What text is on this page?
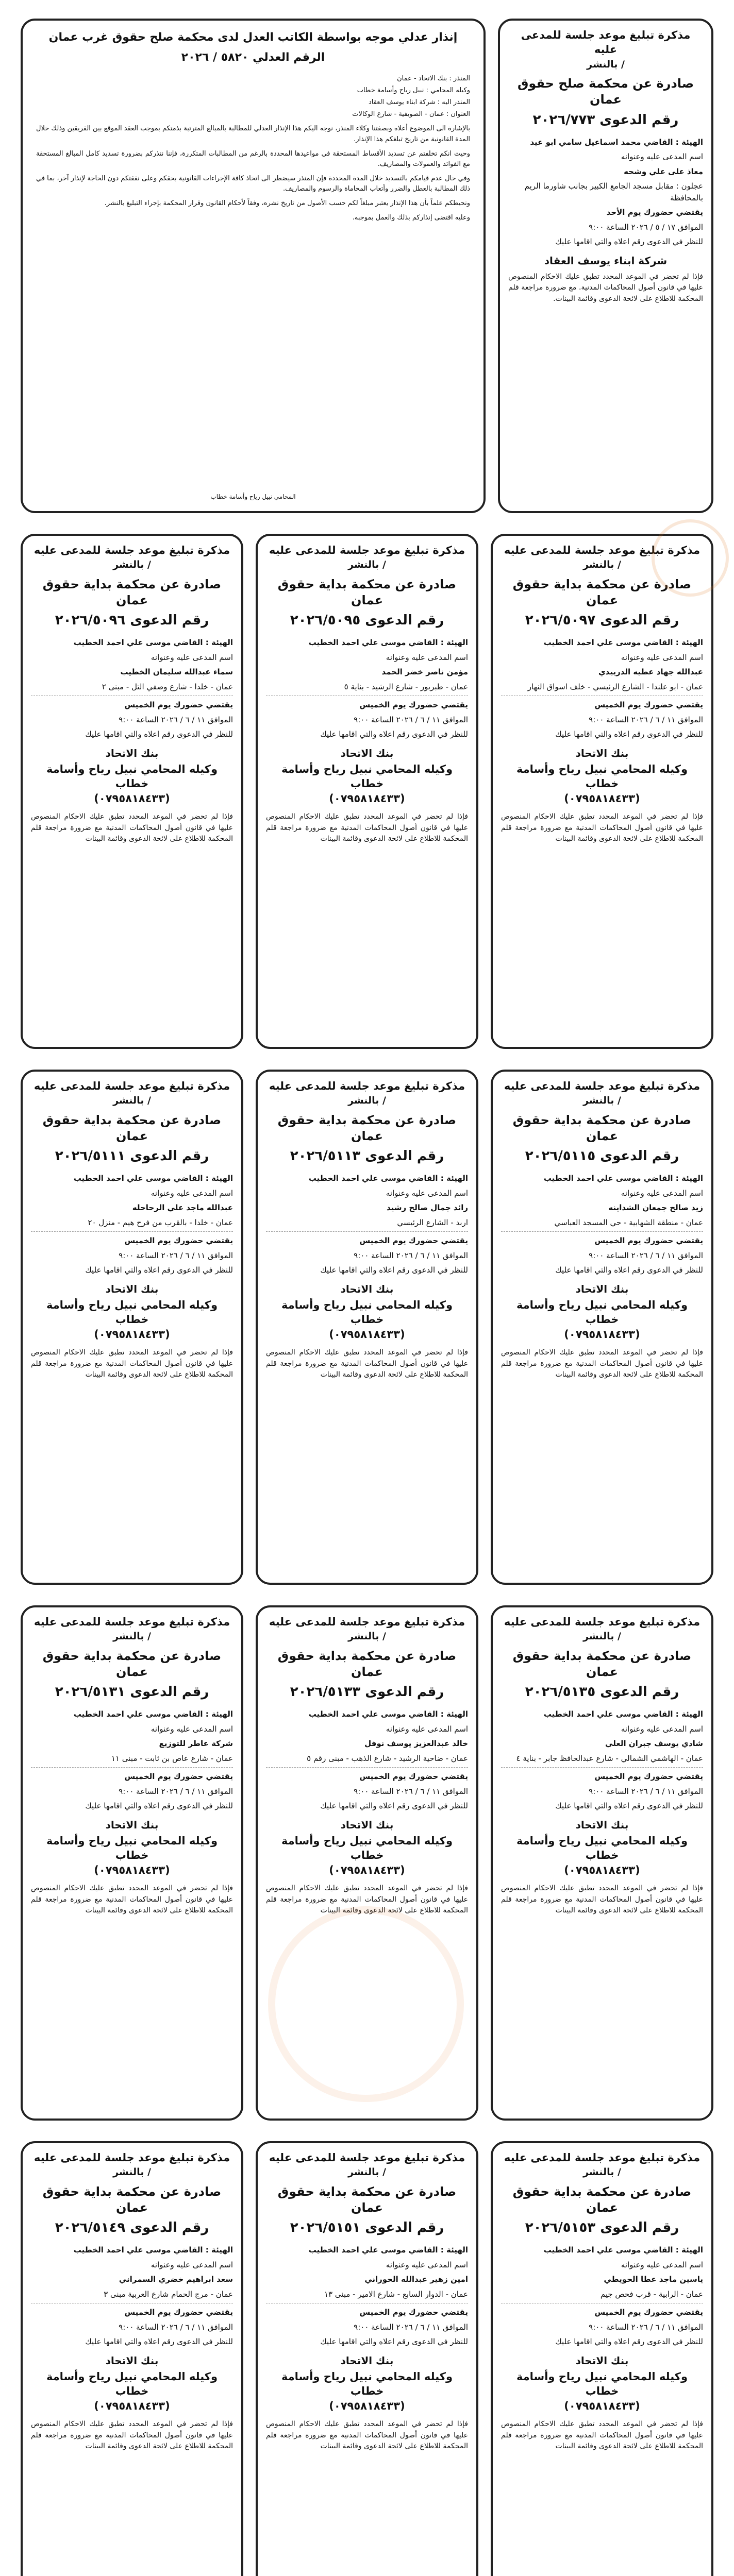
مذكرة تبليغ موعد جلسة للمدعى عليه
/ بالنشر
صادرة عن محكمة صلح حقوق عمان
رقم الدعوى ٢٠٢٦/٧٧٣
الهيئة : القاضي محمد اسماعيل سامي ابو عيد
اسم المدعى عليه وعنوانه
معاذ على علي وشحه
عجلون : مقابل مسجد الجامع الكبير بجانب شاورما الريم بالمحافظة
يقتضي حضورك يوم الأحد
الموافق ١٧ / ٥ / ٢٠٢٦ الساعة ٩:٠٠
للنظر في الدعوى رقم اعلاه والتي اقامها عليك
شركة ابناء يوسف العقاد
فإذا لم تحضر في الموعد المحدد تطبق عليك الاحكام المنصوص عليها في قانون أصول المحاكمات المدنية. مع ضرورة مراجعة قلم المحكمة للاطلاع على لائحة الدعوى وقائمة البينات.
إنذار عدلي موجه بواسطة الكاتب العدل لدى محكمة صلح حقوق غرب عمان
الرقم العدلي ٥٨٢٠ / ٢٠٢٦

المنذر : بنك الاتحاد - عمان

وكيله المحامي : نبيل رياح وأسامة خطاب

المنذر اليه : شركة ابناء يوسف العقاد

العنوان : عمان - الصويفية - شارع الوكالات

بالإشارة الى الموضوع أعلاه وبصفتنا وكلاء المنذر، نوجه اليكم هذا الإنذار العدلي للمطالبة بالمبالغ المترتبة بذمتكم بموجب العقد الموقع بين الفريقين وذلك خلال المدة القانونية من تاريخ تبلغكم هذا الإنذار.

وحيث انكم تخلفتم عن تسديد الأقساط المستحقة في مواعيدها المحددة بالرغم من المطالبات المتكررة، فإننا ننذركم بضرورة تسديد كامل المبالغ المستحقة مع الفوائد والعمولات والمصاريف.

وفي حال عدم قيامكم بالتسديد خلال المدة المحددة فإن المنذر سيضطر الى اتخاذ كافة الإجراءات القانونية بحقكم وعلى نفقتكم دون الحاجة لإنذار آخر، بما في ذلك المطالبة بالعطل والضرر وأتعاب المحاماة والرسوم والمصاريف.

ونحيطكم علماً بأن هذا الإنذار يعتبر مبلغاً لكم حسب الأصول من تاريخ نشره، وفقاً لأحكام القانون وقرار المحكمة بإجراء التبليغ بالنشر.

وعليه اقتضى إنذاركم بذلك والعمل بموجبه.

المحامي نبيل رياح وأسامة خطاب
مذكرة تبليغ موعد جلسة للمدعى عليه
/ بالنشر
صادرة عن محكمة بداية حقوق عمان
رقم الدعوى ٢٠٢٦/٥٠٩٧
الهيئة : القاضي موسى علي احمد الخطيب
اسم المدعى عليه وعنوانه
عبدالله جهاد عطيه الدرييدي
عمان - ابو علندا - الشارع الرئيسي - خلف اسواق النهار
يقتضي حضورك يوم الخميس
الموافق ١١ / ٦ / ٢٠٢٦ الساعة ٩:٠٠
للنظر في الدعوى رقم اعلاه والتي اقامها عليك
بنك الاتحاد
وكيله المحامي نبيل رياح وأسامة خطاب
(٠٧٩٥٨١٨٤٣٣)
فإذا لم تحضر في الموعد المحدد تطبق عليك الاحكام المنصوص عليها في قانون أصول المحاكمات المدنية مع ضرورة مراجعة قلم المحكمة للاطلاع على لائحة الدعوى وقائمة البينات
مذكرة تبليغ موعد جلسة للمدعى عليه
/ بالنشر
صادرة عن محكمة بداية حقوق عمان
رقم الدعوى ٢٠٢٦/٥٠٩٥
الهيئة : القاضي موسى علي احمد الخطيب
اسم المدعى عليه وعنوانه
مؤمن ناصر خضر الحمد
عمان - طبربور - شارع الرشيد - بناية ٥
يقتضي حضورك يوم الخميس
الموافق ١١ / ٦ / ٢٠٢٦ الساعة ٩:٠٠
للنظر في الدعوى رقم اعلاه والتي اقامها عليك
بنك الاتحاد
وكيله المحامي نبيل رياح وأسامة خطاب
(٠٧٩٥٨١٨٤٣٣)
فإذا لم تحضر في الموعد المحدد تطبق عليك الاحكام المنصوص عليها في قانون أصول المحاكمات المدنية مع ضرورة مراجعة قلم المحكمة للاطلاع على لائحة الدعوى وقائمة البينات
مذكرة تبليغ موعد جلسة للمدعى عليه
/ بالنشر
صادرة عن محكمة بداية حقوق عمان
رقم الدعوى ٢٠٢٦/٥٠٩٦
الهيئة : القاضي موسى علي احمد الخطيب
اسم المدعى عليه وعنوانه
سماء عبدالله سليمان الخطيب
عمان - خلدا - شارع وصفي التل - مبنى ٢
يقتضي حضورك يوم الخميس
الموافق ١١ / ٦ / ٢٠٢٦ الساعة ٩:٠٠
للنظر في الدعوى رقم اعلاه والتي اقامها عليك
بنك الاتحاد
وكيله المحامي نبيل رياح وأسامة خطاب
(٠٧٩٥٨١٨٤٣٣)
فإذا لم تحضر في الموعد المحدد تطبق عليك الاحكام المنصوص عليها في قانون أصول المحاكمات المدنية مع ضرورة مراجعة قلم المحكمة للاطلاع على لائحة الدعوى وقائمة البينات
مذكرة تبليغ موعد جلسة للمدعى عليه
/ بالنشر
صادرة عن محكمة بداية حقوق عمان
رقم الدعوى ٢٠٢٦/٥١١٥
الهيئة : القاضي موسى علي احمد الخطيب
اسم المدعى عليه وعنوانه
زيد صالح جمعان الشداينه
عمان - منطقة الشهابية - حي المسجد العباسي
يقتضي حضورك يوم الخميس
الموافق ١١ / ٦ / ٢٠٢٦ الساعة ٩:٠٠
للنظر في الدعوى رقم اعلاه والتي اقامها عليك
بنك الاتحاد
وكيله المحامي نبيل رياح وأسامة خطاب
(٠٧٩٥٨١٨٤٣٣)
فإذا لم تحضر في الموعد المحدد تطبق عليك الاحكام المنصوص عليها في قانون أصول المحاكمات المدنية مع ضرورة مراجعة قلم المحكمة للاطلاع على لائحة الدعوى وقائمة البينات
مذكرة تبليغ موعد جلسة للمدعى عليه
/ بالنشر
صادرة عن محكمة بداية حقوق عمان
رقم الدعوى ٢٠٢٦/٥١١٣
الهيئة : القاضي موسى علي احمد الخطيب
اسم المدعى عليه وعنوانه
رائد جمال صالح رشيد
اربد - الشارع الرئيسي
يقتضي حضورك يوم الخميس
الموافق ١١ / ٦ / ٢٠٢٦ الساعة ٩:٠٠
للنظر في الدعوى رقم اعلاه والتي اقامها عليك
بنك الاتحاد
وكيله المحامي نبيل رياح وأسامة خطاب
(٠٧٩٥٨١٨٤٣٣)
فإذا لم تحضر في الموعد المحدد تطبق عليك الاحكام المنصوص عليها في قانون أصول المحاكمات المدنية مع ضرورة مراجعة قلم المحكمة للاطلاع على لائحة الدعوى وقائمة البينات
مذكرة تبليغ موعد جلسة للمدعى عليه
/ بالنشر
صادرة عن محكمة بداية حقوق عمان
رقم الدعوى ٢٠٢٦/٥١١١
الهيئة : القاضي موسى علي احمد الخطيب
اسم المدعى عليه وعنوانه
عبدالله ماجد علي الرحاحله
عمان - خلدا - بالقرب من فرح هيم - منزل ٢٠
يقتضي حضورك يوم الخميس
الموافق ١١ / ٦ / ٢٠٢٦ الساعة ٩:٠٠
للنظر في الدعوى رقم اعلاه والتي اقامها عليك
بنك الاتحاد
وكيله المحامي نبيل رياح وأسامة خطاب
(٠٧٩٥٨١٨٤٣٣)
فإذا لم تحضر في الموعد المحدد تطبق عليك الاحكام المنصوص عليها في قانون أصول المحاكمات المدنية مع ضرورة مراجعة قلم المحكمة للاطلاع على لائحة الدعوى وقائمة البينات
مذكرة تبليغ موعد جلسة للمدعى عليه
/ بالنشر
صادرة عن محكمة بداية حقوق عمان
رقم الدعوى ٢٠٢٦/٥١٣٥
الهيئة : القاضي موسى علي احمد الخطيب
اسم المدعى عليه وعنوانه
شادي يوسف جبران العلي
عمان - الهاشمي الشمالي - شارع عبدالحافظ جابر - بناية ٤
يقتضي حضورك يوم الخميس
الموافق ١١ / ٦ / ٢٠٢٦ الساعة ٩:٠٠
للنظر في الدعوى رقم اعلاه والتي اقامها عليك
بنك الاتحاد
وكيله المحامي نبيل رياح وأسامة خطاب
(٠٧٩٥٨١٨٤٣٣)
فإذا لم تحضر في الموعد المحدد تطبق عليك الاحكام المنصوص عليها في قانون أصول المحاكمات المدنية مع ضرورة مراجعة قلم المحكمة للاطلاع على لائحة الدعوى وقائمة البينات
مذكرة تبليغ موعد جلسة للمدعى عليه
/ بالنشر
صادرة عن محكمة بداية حقوق عمان
رقم الدعوى ٢٠٢٦/٥١٣٣
الهيئة : القاضي موسى علي احمد الخطيب
اسم المدعى عليه وعنوانه
خالد عبدالعزيز يوسف نوفل
عمان - ضاحية الرشيد - شارع الذهب - مبنى رقم ٥
يقتضي حضورك يوم الخميس
الموافق ١١ / ٦ / ٢٠٢٦ الساعة ٩:٠٠
للنظر في الدعوى رقم اعلاه والتي اقامها عليك
بنك الاتحاد
وكيله المحامي نبيل رياح وأسامة خطاب
(٠٧٩٥٨١٨٤٣٣)
فإذا لم تحضر في الموعد المحدد تطبق عليك الاحكام المنصوص عليها في قانون أصول المحاكمات المدنية مع ضرورة مراجعة قلم المحكمة للاطلاع على لائحة الدعوى وقائمة البينات
مذكرة تبليغ موعد جلسة للمدعى عليه
/ بالنشر
صادرة عن محكمة بداية حقوق عمان
رقم الدعوى ٢٠٢٦/٥١٣١
الهيئة : القاضي موسى علي احمد الخطيب
اسم المدعى عليه وعنوانه
شركة عاطر للتوزيع
عمان - شارع عاص بن ثابت - مبنى ١١
يقتضي حضورك يوم الخميس
الموافق ١١ / ٦ / ٢٠٢٦ الساعة ٩:٠٠
للنظر في الدعوى رقم اعلاه والتي اقامها عليك
بنك الاتحاد
وكيله المحامي نبيل رياح وأسامة خطاب
(٠٧٩٥٨١٨٤٣٣)
فإذا لم تحضر في الموعد المحدد تطبق عليك الاحكام المنصوص عليها في قانون أصول المحاكمات المدنية مع ضرورة مراجعة قلم المحكمة للاطلاع على لائحة الدعوى وقائمة البينات
مذكرة تبليغ موعد جلسة للمدعى عليه
/ بالنشر
صادرة عن محكمة بداية حقوق عمان
رقم الدعوى ٢٠٢٦/٥١٥٣
الهيئة : القاضي موسى علي احمد الخطيب
اسم المدعى عليه وعنوانه
ياسين ماجد عطا الحويطي
عمان - الرابية - قرب فحص جيم
يقتضي حضورك يوم الخميس
الموافق ١١ / ٦ / ٢٠٢٦ الساعة ٩:٠٠
للنظر في الدعوى رقم اعلاه والتي اقامها عليك
بنك الاتحاد
وكيله المحامي نبيل رياح وأسامة خطاب
(٠٧٩٥٨١٨٤٣٣)
فإذا لم تحضر في الموعد المحدد تطبق عليك الاحكام المنصوص عليها في قانون أصول المحاكمات المدنية مع ضرورة مراجعة قلم المحكمة للاطلاع على لائحة الدعوى وقائمة البينات
مذكرة تبليغ موعد جلسة للمدعى عليه
/ بالنشر
صادرة عن محكمة بداية حقوق عمان
رقم الدعوى ٢٠٢٦/٥١٥١
الهيئة : القاضي موسى علي احمد الخطيب
اسم المدعى عليه وعنوانه
امين زهير عبدالله الحوراني
عمان - الدوار السابع - شارع الامير - مبنى ١٣
يقتضي حضورك يوم الخميس
الموافق ١١ / ٦ / ٢٠٢٦ الساعة ٩:٠٠
للنظر في الدعوى رقم اعلاه والتي اقامها عليك
بنك الاتحاد
وكيله المحامي نبيل رياح وأسامة خطاب
(٠٧٩٥٨١٨٤٣٣)
فإذا لم تحضر في الموعد المحدد تطبق عليك الاحكام المنصوص عليها في قانون أصول المحاكمات المدنية مع ضرورة مراجعة قلم المحكمة للاطلاع على لائحة الدعوى وقائمة البينات
مذكرة تبليغ موعد جلسة للمدعى عليه
/ بالنشر
صادرة عن محكمة بداية حقوق عمان
رقم الدعوى ٢٠٢٦/٥١٤٩
الهيئة : القاضي موسى علي احمد الخطيب
اسم المدعى عليه وعنوانه
سعد ابراهيم خضري السمراني
عمان - مرج الحمام شارع العربية مبنى ٣
يقتضي حضورك يوم الخميس
الموافق ١١ / ٦ / ٢٠٢٦ الساعة ٩:٠٠
للنظر في الدعوى رقم اعلاه والتي اقامها عليك
بنك الاتحاد
وكيله المحامي نبيل رياح وأسامة خطاب
(٠٧٩٥٨١٨٤٣٣)
فإذا لم تحضر في الموعد المحدد تطبق عليك الاحكام المنصوص عليها في قانون أصول المحاكمات المدنية مع ضرورة مراجعة قلم المحكمة للاطلاع على لائحة الدعوى وقائمة البينات
